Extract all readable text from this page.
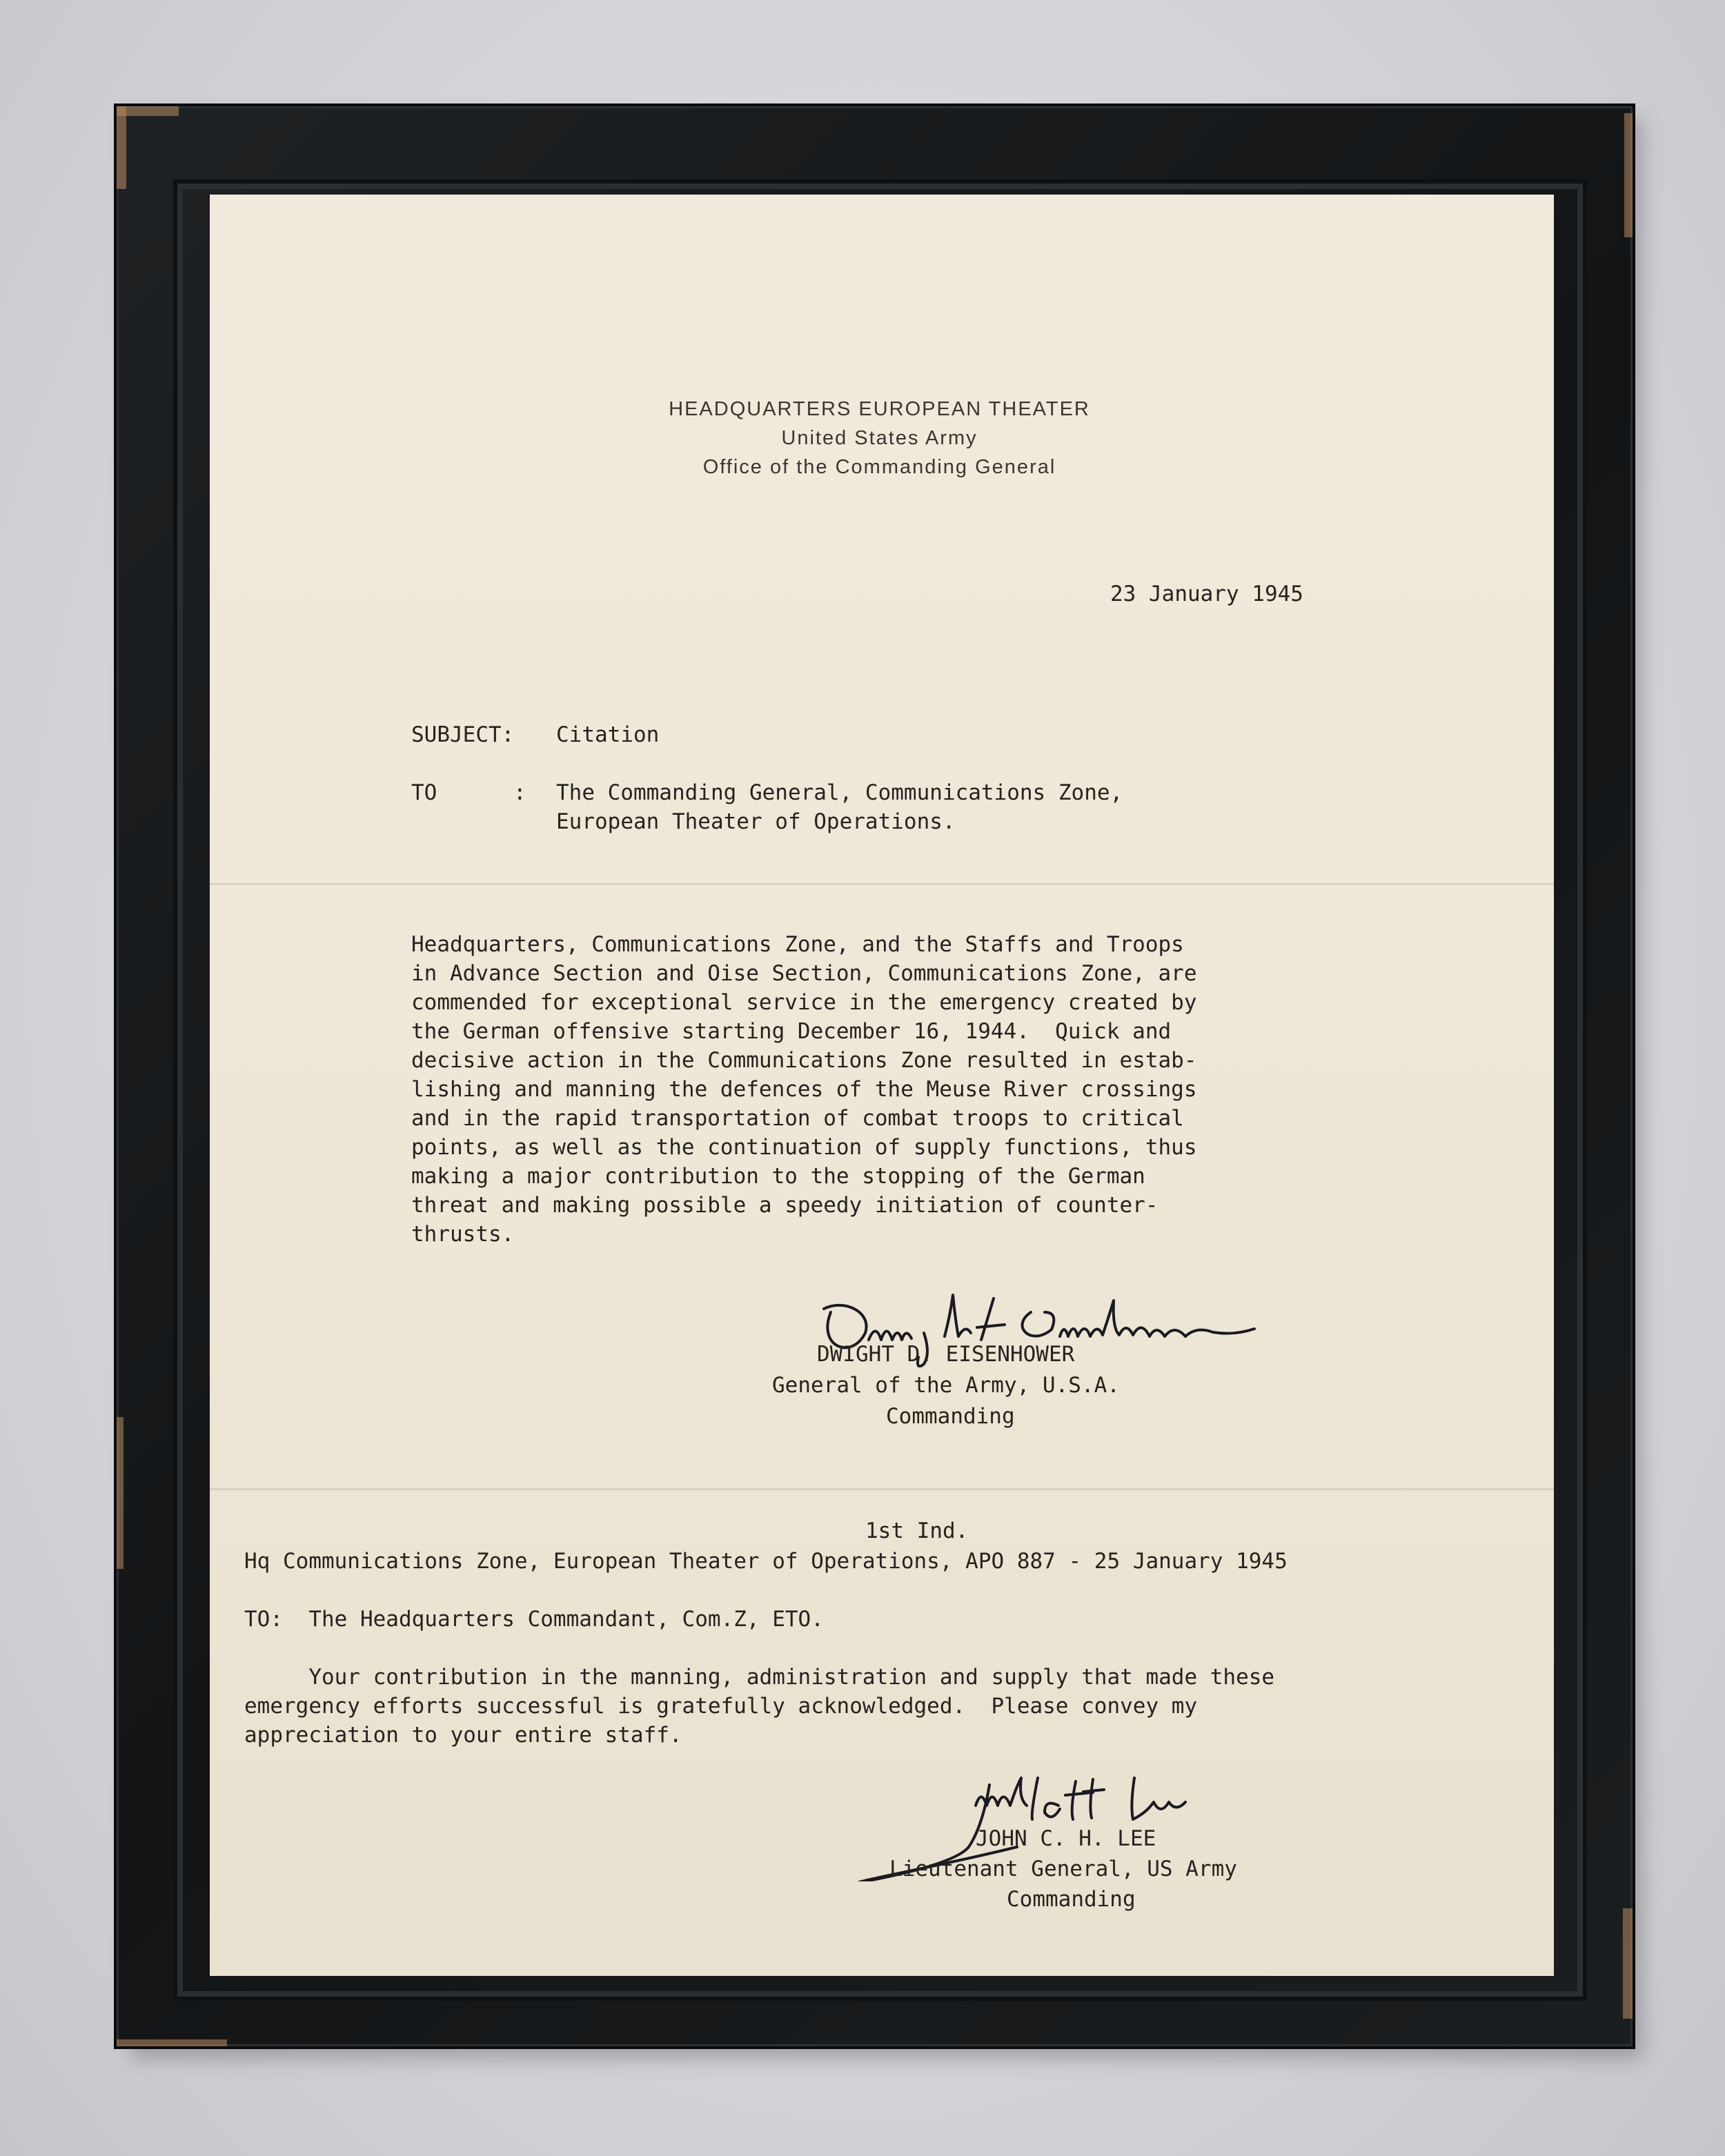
HEADQUARTERS EUROPEAN THEATER
United States Army
Office of the Commanding General
23 January 1945
SUBJECT: Citation
TO	: The Commanding General, Communications Zone,
European Theater of Operations.
Headquarters, Communications Zone, and the Staffs and Troops
in Advance Section and Oise Section, Communications Zone, are
commended for exceptional service in the emergency created by
the German offensive starting December 16, 1944.  Quick and
decisive action in the Communications Zone resulted in estab-
lishing and manning the defences of the Meuse River crossings
and in the rapid transportation of combat troops to critical
points, as well as the continuation of supply functions, thus
making a major contribution to the stopping of the German
threat and making possible a speedy initiation of counter-
thrusts.
DWIGHT D. EISENHOWER
General of the Army, U.S.A.
Commanding
1st Ind.
Hq Communications Zone, European Theater of Operations, APO 887 - 25 January 1945
TO:  The Headquarters Commandant, Com.Z, ETO.
Your contribution in the manning, administration and supply that made these
emergency efforts successful is gratefully acknowledged.  Please convey my
appreciation to your entire staff.
JOHN C. H. LEE
Lieutenant General, US Army
Commanding
